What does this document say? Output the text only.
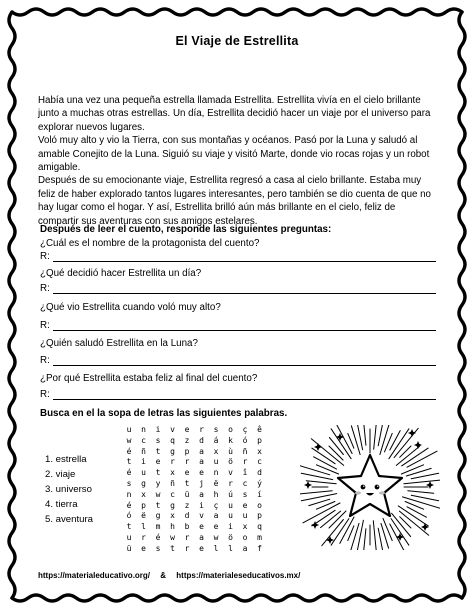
El Viaje de Estrellita

Había una vez una pequeña estrella llamada Estrellita. Estrellita vivía en el cielo brillante junto a muchas otras estrellas. Un día, Estrellita decidió hacer un viaje por el universo para explorar nuevos lugares.

Voló muy alto y vio la Tierra, con sus montañas y océanos. Pasó por la Luna y saludó al amable Conejito de la Luna. Siguió su viaje y visitó Marte, donde vio rocas rojas y un robot amigable.

Después de su emocionante viaje, Estrellita regresó a casa al cielo brillante. Estaba muy feliz de haber explorado tantos lugares interesantes, pero también se dio cuenta de que no hay lugar como el hogar. Y así, Estrellita brilló aún más brillante en el cielo, feliz de compartir sus aventuras con sus amigos estelares.

Después de leer el cuento, responde las siguientes preguntas:
¿Cuál es el nombre de la protagonista del cuento?
R:
¿Qué decidió hacer Estrellita un día?
R:
¿Qué vio Estrellita cuando voló muy alto?
R:
¿Quién saludó Estrellita en la Luna?
R:
¿Por qué Estrellita estaba feliz al final del cuento?
R:
Busca en el la sopa de letras las siguientes palabras.
1. estrella
2. viaje
3. universo
4. tierra
5. aventura
u	n	i	v	e	r	s	o	ç	ê
w	c	s	q	z	d	á	k	ó	p
é	ñ	t	g	p	a	x	ù	ñ	x
t	i	e	r	r	a	u	ö	r	c
é	u	t	x	e	e	n	v	î	d
s	g	y	ñ	t	j	ë	r	c	ý
n	x	w	c	ü	a	h	ú	s	í
é	p	t	g	z	i	ç	u	e	o
ó	ë	g	x	d	v	a	u	u	p
t	l	m	h	b	e	e	i	x	q
u	r	é	w	r	a	w	ö	o	m
ü	e	s	t	r	e	l	l	a	f
https://materialeducativo.org/ & https://materialeseducativos.mx/
